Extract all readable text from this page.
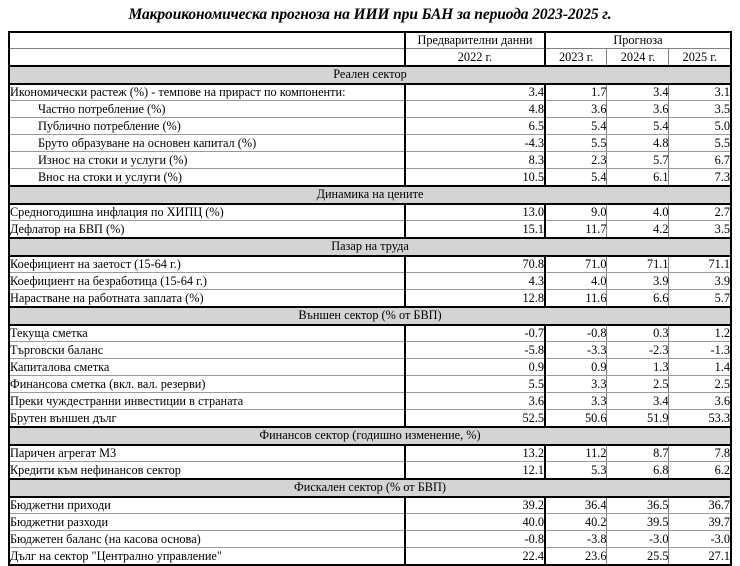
Макроикономическа прогноза на ИИИ при БАН за периода 2023-2025 г.
	Предварителни данни	Прогноза		
	2022 г.	2023 г.	2024 г.	2025 г.
Реален сектор				
Икономически растеж (%) - темпове на прираст по компоненти:	3.4	1.7	3.4	3.1
Частно потребление (%)	4.8	3.6	3.6	3.5
Публично потребление (%)	6.5	5.4	5.4	5.0
Бруто образуване на основен капитал (%)	-4.3	5.5	4.8	5.5
Износ на стоки и услуги (%)	8.3	2.3	5.7	6.7
Внос на стоки и услуги (%)	10.5	5.4	6.1	7.3
Динамика на цените				
Средногодишна инфлация по ХИПЦ (%)	13.0	9.0	4.0	2.7
Дефлатор на БВП (%)	15.1	11.7	4.2	3.5
Пазар на труда				
Коефициент на заетост (15-64 г.)	70.8	71.0	71.1	71.1
Коефициент на безработица (15-64 г.)	4.3	4.0	3.9	3.9
Нарастване на работната заплата (%)	12.8	11.6	6.6	5.7
Външен сектор (% от БВП)				
Текуща сметка	-0.7	-0.8	0.3	1.2
Търговски баланс	-5.8	-3.3	-2.3	-1.3
Капиталова сметка	0.9	0.9	1.3	1.4
Финансова сметка (вкл. вал. резерви)	5.5	3.3	2.5	2.5
Преки чуждестранни инвестиции в страната	3.6	3.3	3.4	3.6
Брутен външен дълг	52.5	50.6	51.9	53.3
Финансов сектор (годишно изменение, %)				
Паричен агрегат М3	13.2	11.2	8.7	7.8
Кредити към нефинансов сектор	12.1	5.3	6.8	6.2
Фискален сектор (% от БВП)				
Бюджетни приходи	39.2	36.4	36.5	36.7
Бюджетни разходи	40.0	40.2	39.5	39.7
Бюджетен баланс (на касова основа)	-0.8	-3.8	-3.0	-3.0
Дълг на сектор "Централно управление"	22.4	23.6	25.5	27.1
